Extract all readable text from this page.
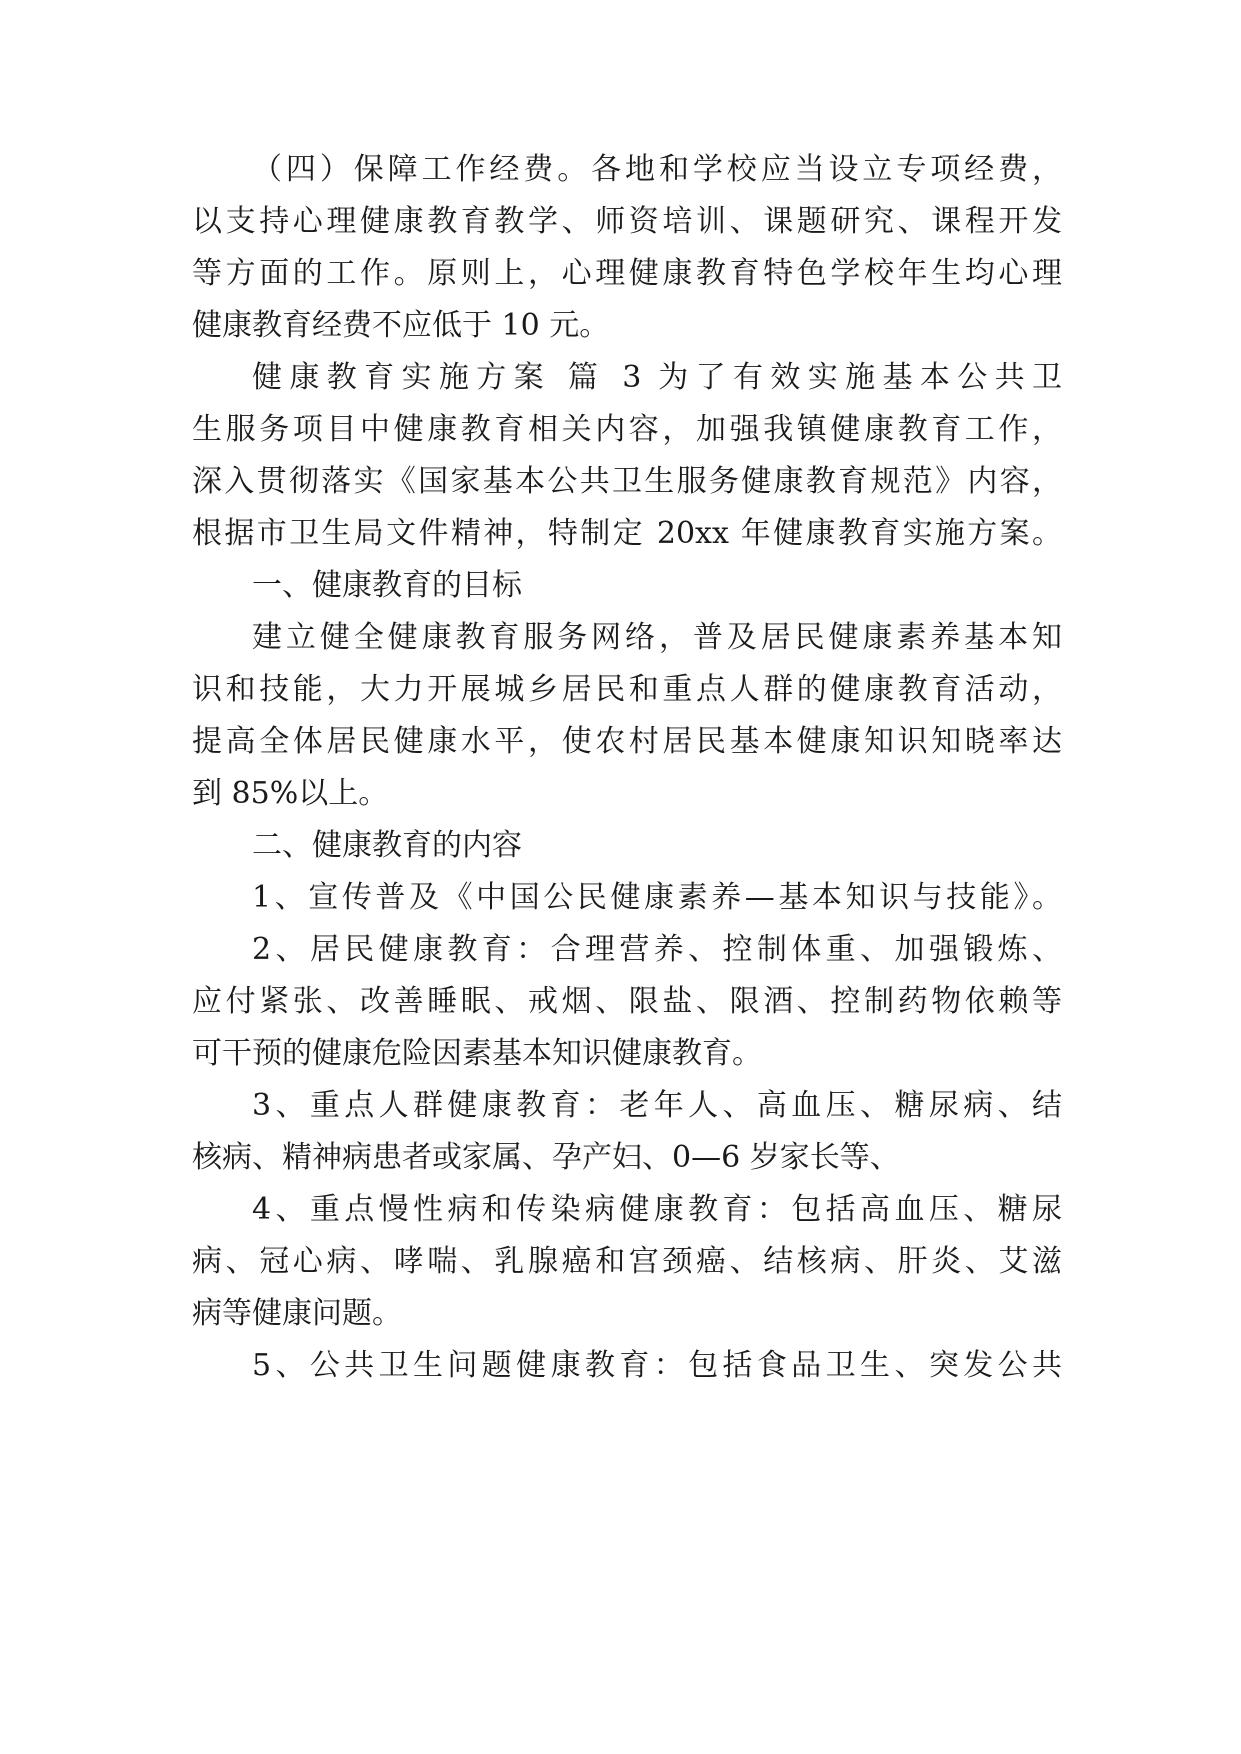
（四）保障工作经费。各地和学校应当设立专项经费，
以支持心理健康教育教学、师资培训、课题研究、课程开发
等方面的工作。原则上，心理健康教育特色学校年生均心理
健康教育经费不应低于 10 元。
健康教育实施方案 篇 3 为了有效实施基本公共卫
生服务项目中健康教育相关内容，加强我镇健康教育工作，
深入贯彻落实《国家基本公共卫生服务健康教育规范》内容，
根据市卫生局文件精神，特制定 20xx 年健康教育实施方案。
一、健康教育的目标
建立健全健康教育服务网络，普及居民健康素养基本知
识和技能，大力开展城乡居民和重点人群的健康教育活动，
提高全体居民健康水平，使农村居民基本健康知识知晓率达
到 85%以上。
二、健康教育的内容
1、宣传普及《中国公民健康素养—基本知识与技能》。
2、居民健康教育：合理营养、控制体重、加强锻炼、
应付紧张、改善睡眠、戒烟、限盐、限酒、控制药物依赖等
可干预的健康危险因素基本知识健康教育。
3、重点人群健康教育：老年人、高血压、糖尿病、结
核病、精神病患者或家属、孕产妇、0—6 岁家长等、
4、重点慢性病和传染病健康教育：包括高血压、糖尿
病、冠心病、哮喘、乳腺癌和宫颈癌、结核病、肝炎、艾滋
病等健康问题。
5、公共卫生问题健康教育：包括食品卫生、突发公共
